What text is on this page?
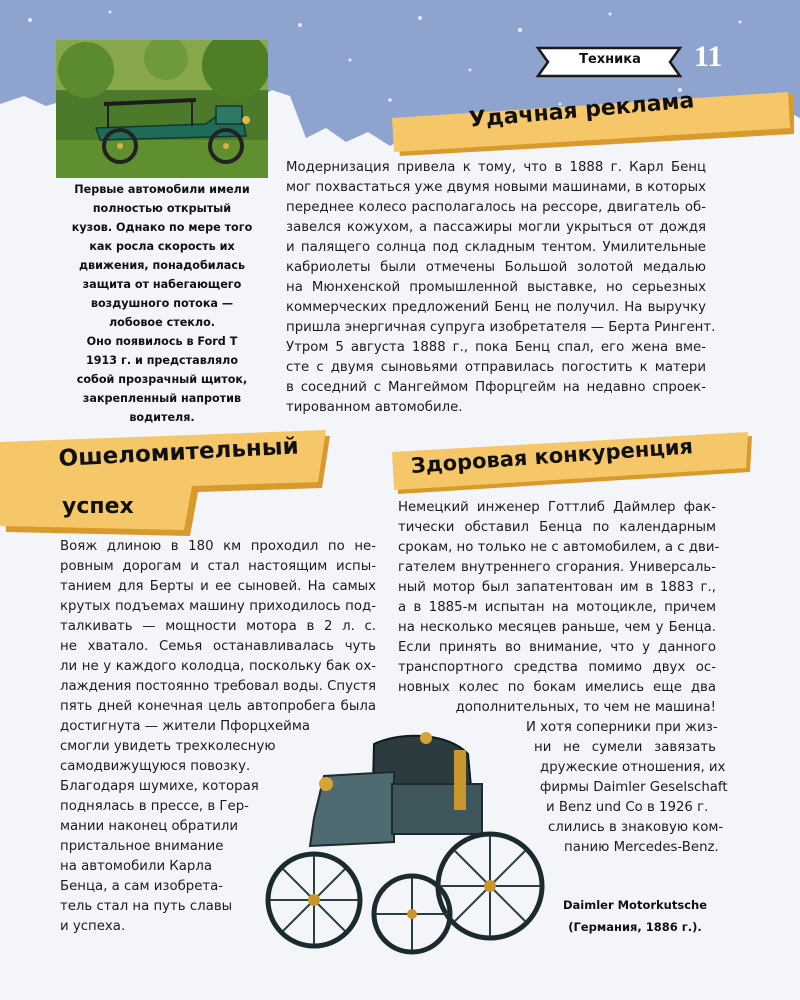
Техника	11
Первые автомобили имели
полностью открытый
кузов. Однако по мере того
как росла скорость их
движения, понадобилась
защита от набегающего
воздушного потока —
лобовое стекло.
Оно появилось в Ford T
1913 г. и представляло
собой прозрачный щиток,
закрепленный напротив
водителя.
Удачная реклама
Модернизация привела к тому, что в 1888 г. Карл Бенц
мог похвастаться уже двумя новыми машинами, в которых
переднее колесо располагалось на рессоре, двигатель об-
завелся кожухом, а пассажиры могли укрыться от дождя
и палящего солнца под складным тентом. Умилительные
кабриолеты были отмечены Большой золотой медалью
на Мюнхенской промышленной выставке, но серьезных
коммерческих предложений Бенц не получил. На выручку
пришла энергичная супруга изобретателя — Берта Рингент.
Утром 5 августа 1888 г., пока Бенц спал, его жена вме-
сте с двумя сыновьями отправилась погостить к матери
в соседний с Мангеймом Пфорцгейм на недавно спроек-
тированном автомобиле.
Ошеломительный
успех
Вояж длиною в 180 км проходил по не-
ровным дорогам и стал настоящим испы-
танием для Берты и ее сыновей. На самых
крутых подъемах машину приходилось под-
талкивать — мощности мотора в 2 л. с.
не хватало. Семья останавливалась чуть
ли не у каждого колодца, поскольку бак ох-
лаждения постоянно требовал воды. Спустя
пять дней конечная цель автопробега была
достигнута — жители Пфорцхейма
смогли увидеть трехколесную
самодвижущуюся повозку.
Благодаря шумихе, которая
поднялась в прессе, в Гер-
мании наконец обратили
пристальное внимание
на автомобили Карла
Бенца, а сам изобрета-
тель стал на путь славы
и успеха.
Здоровая конкуренция
Немецкий инженер Готтлиб Даймлер фак-
тически обставил Бенца по календарным
срокам, но только не с автомобилем, а с дви-
гателем внутреннего сгорания. Универсаль-
ный мотор был запатентован им в 1883 г.,
а в 1885-м испытан на мотоцикле, причем
на несколько месяцев раньше, чем у Бенца.
Если принять во внимание, что у данного
транспортного средства помимо двух ос-
новных колес по бокам имелись еще два
дополнительных, то чем не машина!
И хотя соперники при жиз-
ни не сумели завязать
дружеские отношения, их
фирмы Daimler Geselschaft
и Benz und Co в 1926 г.
слились в знаковую ком-
панию Mercedes-Benz.
Daimler Motorkutsche
(Германия, 1886 г.).
